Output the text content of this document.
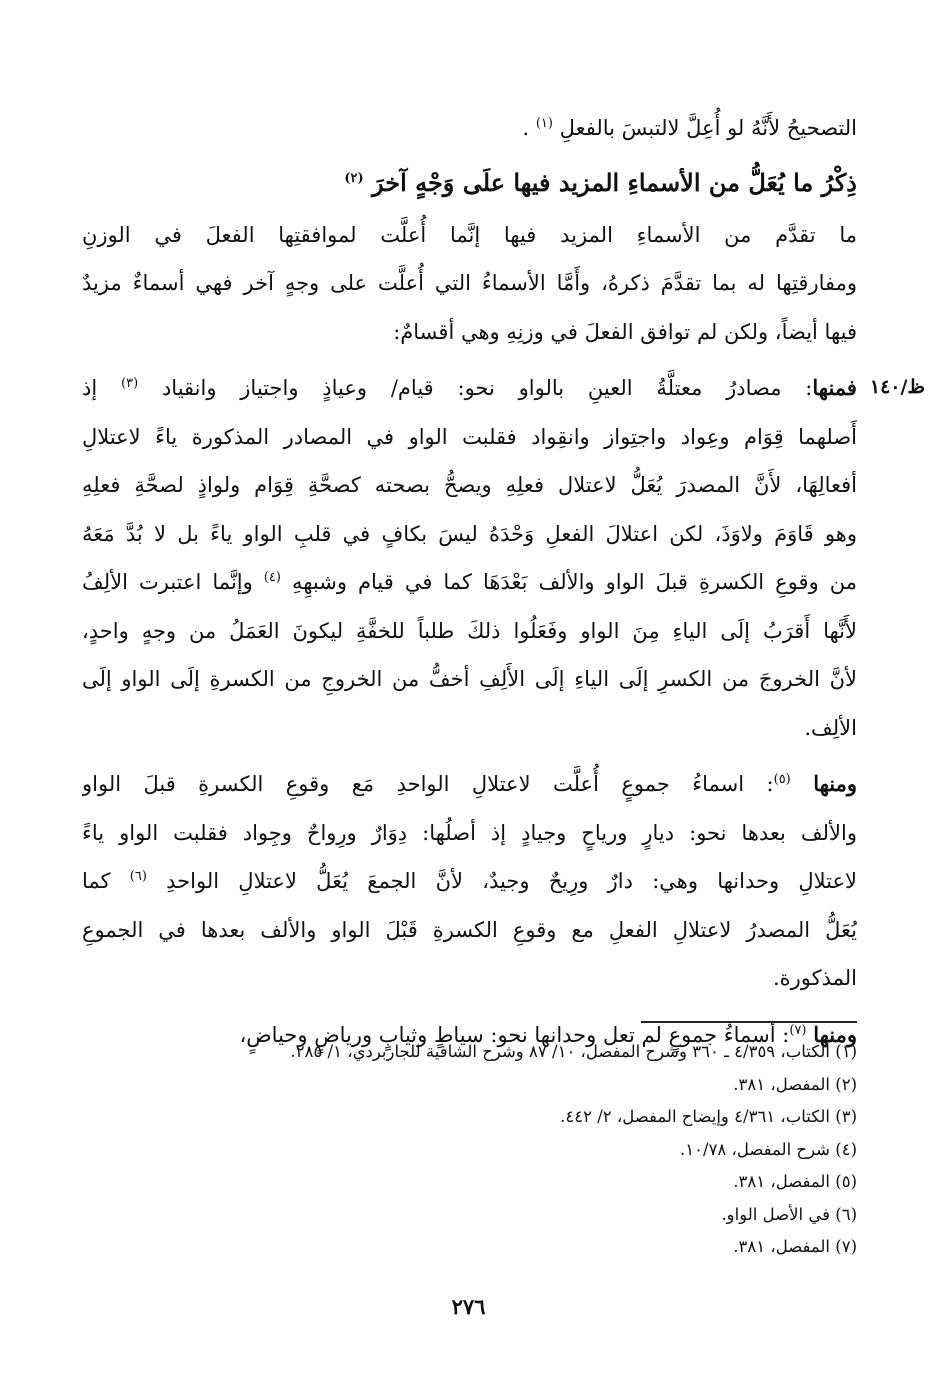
ظ/١٤٠
التصحيحُ لأَنَّهُ لو أُعِلَّ لالتبسَ بالفعلِ $^{(١)}$ .
ذِكْرُ ما يُعَلُّ من الأسماءِ المزيد فيها علَى وَجْهٍ آخرَ $^{(٢)}$
ما تقدَّم من الأسماءِ المزيد فيها إنَّما أُعلَّت لموافقتِها الفعلَ في الوزنِ
ومفارقتِها له بما تقدَّمَ ذكرهُ، وأَمَّا الأسماءُ التي أُعلَّت على وجهٍ آخر فهي أسماءٌ مزيدٌ
فيها أيضاً، ولكن لم توافق الفعلَ في وزنِهِ وهي أقسامٌ:
فمنها: مصادرُ معتلَّةُ العينِ بالواو نحو: قيام/ وعياذٍ واجتياز وانقياد $^{(٣)}$ إذ
أَصلهما قِوَام وعِواد واجتِواز وانقِواد فقلبت الواو في المصادر المذكورة ياءً لاعتلالِ
أفعالِهَا، لأَنَّ المصدرَ يُعَلُّ لاعتلال فعلِهِ ويصحُّ بصحته كصحَّةِ قِوَام ولواذٍ لصحَّةِ فعلِهِ
وهو قَاوَمَ ولاوَذَ، لكن اعتلالَ الفعلِ وَحْدَهُ ليسَ بكافٍ في قلبِ الواو ياءً بل لا بُدَّ مَعَهُ
من وقوعِ الكسرةِ قبلَ الواو والألف بَعْدَهَا كما في قيام وشبهِهِ $^{(٤)}$ وإنَّما اعتبرت الألِفُ
لأَنَّها أَقرَبُ إلَى الياءِ مِنَ الواو وفَعَلُوا ذلكَ طلباً للخفَّةِ ليكونَ العَمَلُ من وجهٍ واحدٍ،
لأنَّ الخروجَ من الكسرِ إلَى الياءِ إلَى الأَلِفِ أخفُّ من الخروجِ من الكسرةِ إلَى الواو إلَى
الألِف.
ومنها $^{(٥)}$: اسماءُ جموعٍ أُعلَّت لاعتلالِ الواحدِ مَع وقوعِ الكسرةِ قبلَ الواو
والألف بعدها نحو: ديارٍ ورياحٍ وجيادٍ إذ أصلُها: دِوَارٌ ورِواحٌ وجِواد فقلبت الواو ياءً
لاعتلالِ وحدانها وهي: دارٌ ورِيحٌ وجيدٌ، لأنَّ الجمعَ يُعَلُّ لاعتلالِ الواحدِ $^{(٦)}$ كما
يُعَلُّ المصدرُ لاعتلالِ الفعلِ مع وقوعِ الكسرةِ قَبْلَ الواو والألف بعدها في الجموعِ
المذكورة.
ومنها $^{(٧)}$: أسماءُ جموعٍ لم تعل وحدانها نحو: سياطٍ وثيابٍ ورياضٍ وحياضٍ،
(١) الكتاب، ٤/٣٥٩ ـ ٣٦٠ وشرح المفصل، ١٠/ ٨٧ وشرح الشافية للجاربردي، ١/ ٢٨٥.
(٢) المفصل، ٣٨١.
(٣) الكتاب، ٤/٣٦١ وإيضاح المفصل، ٢/ ٤٤٢.
(٤) شرح المفصل، ١٠/٧٨.
(٥) المفصل، ٣٨١.
(٦) في الأصل الواو.
(٧) المفصل، ٣٨١.
٢٧٦
